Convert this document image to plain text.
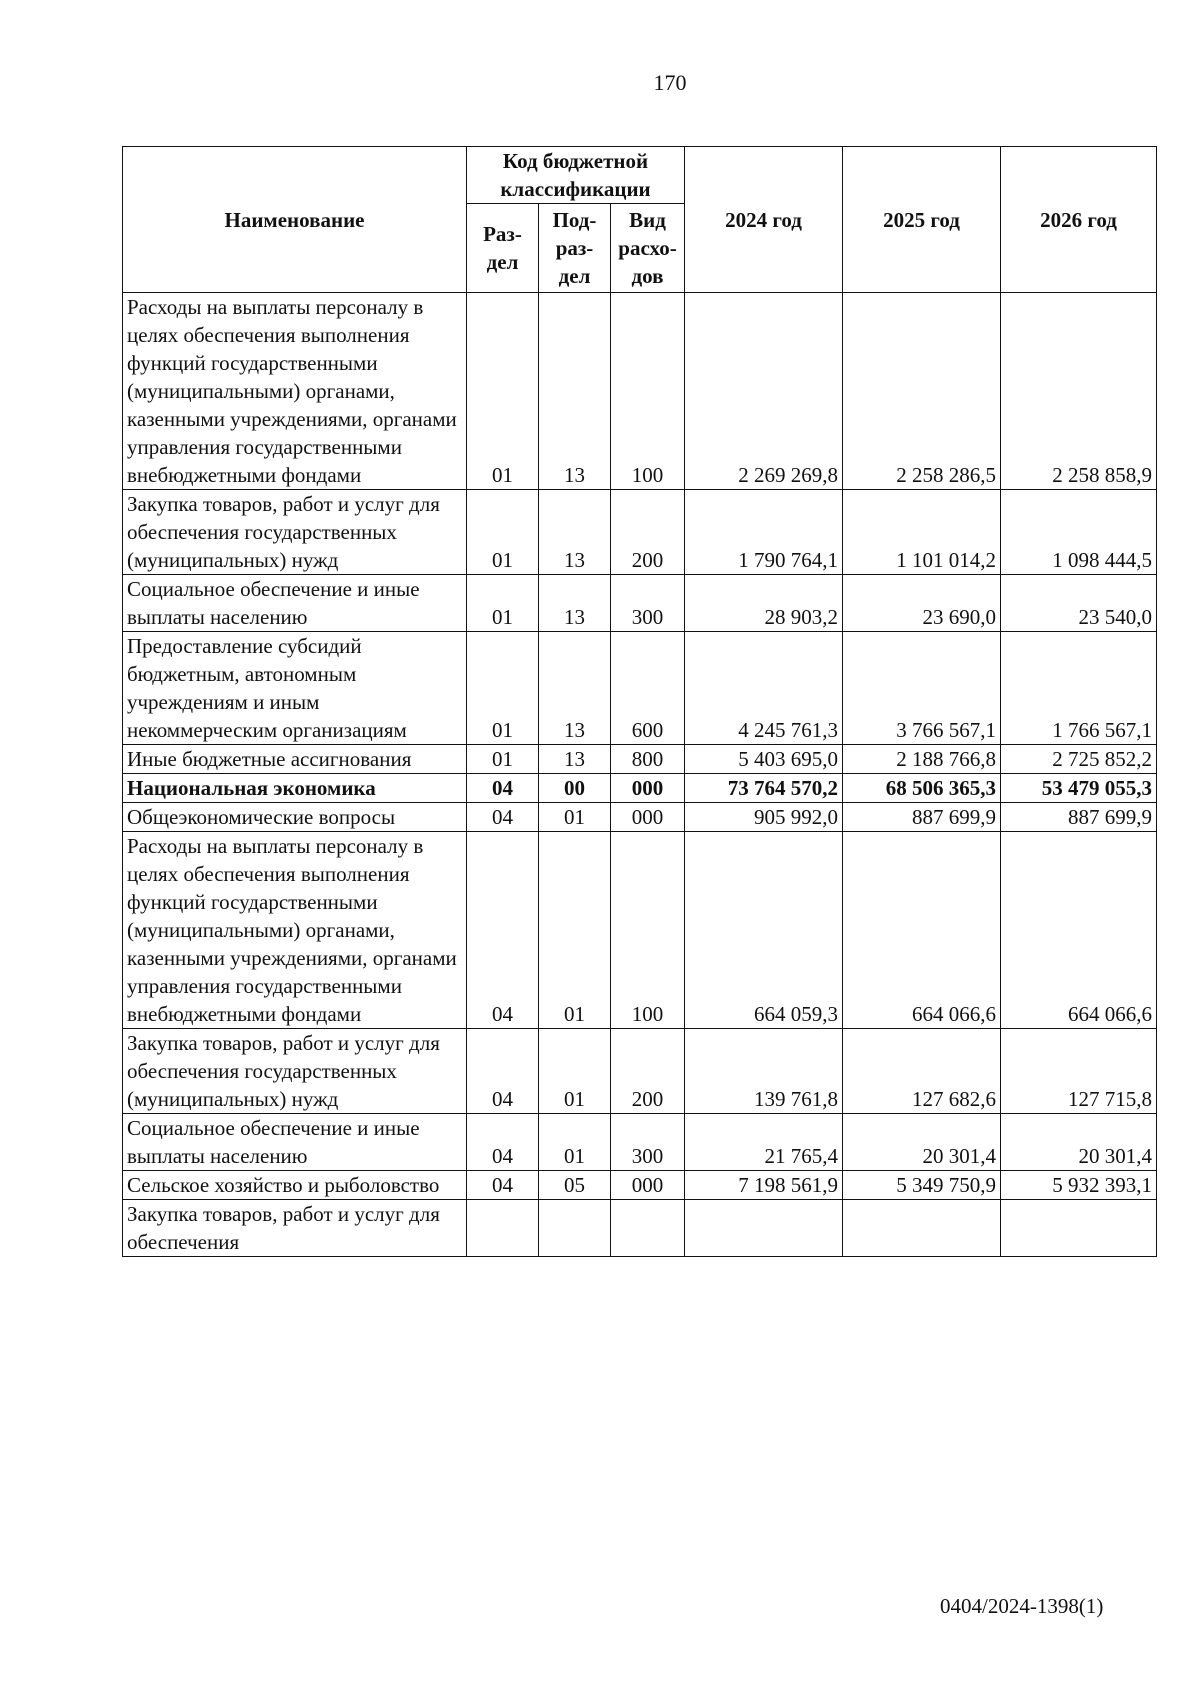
170
Наименование	Код бюджетной классификации			2024 год	2025 год	2026 год
	Раз-дел	Под-раз-дел	Вид расхо-дов			
Расходы на выплаты персоналу в целях обеспечения выполнения функций государственными (муниципальными) органами, казенными учреждениями, органами управления государственными внебюджетными фондами	01	13	100	2 269 269,8	2 258 286,5	2 258 858,9
Закупка товаров, работ и услуг для обеспечения государственных (муниципальных) нужд	01	13	200	1 790 764,1	1 101 014,2	1 098 444,5
Социальное обеспечение и иные выплаты населению	01	13	300	28 903,2	23 690,0	23 540,0
Предоставление субсидий бюджетным, автономным учреждениям и иным некоммерческим организациям	01	13	600	4 245 761,3	3 766 567,1	1 766 567,1
Иные бюджетные ассигнования	01	13	800	5 403 695,0	2 188 766,8	2 725 852,2
Национальная экономика	04	00	000	73 764 570,2	68 506 365,3	53 479 055,3
Общеэкономические вопросы	04	01	000	905 992,0	887 699,9	887 699,9
Расходы на выплаты персоналу в целях обеспечения выполнения функций государственными (муниципальными) органами, казенными учреждениями, органами управления государственными внебюджетными фондами	04	01	100	664 059,3	664 066,6	664 066,6
Закупка товаров, работ и услуг для обеспечения государственных (муниципальных) нужд	04	01	200	139 761,8	127 682,6	127 715,8
Социальное обеспечение и иные выплаты населению	04	01	300	21 765,4	20 301,4	20 301,4
Сельское хозяйство и рыболовство	04	05	000	7 198 561,9	5 349 750,9	5 932 393,1
Закупка товаров, работ и услуг для обеспечения						
0404/2024-1398(1)
